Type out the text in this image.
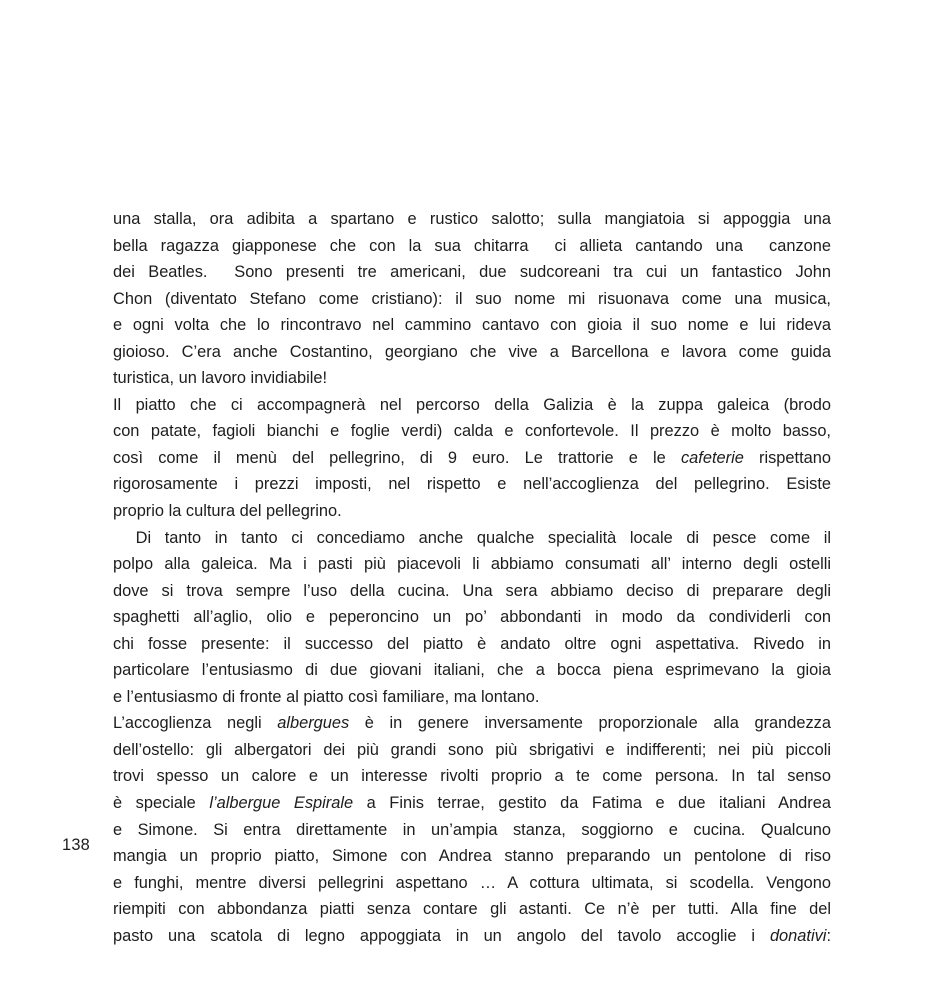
138
una stalla, ora adibita a spartano e rustico salotto; sulla mangiatoia si appoggia una
bella ragazza giapponese che con la sua chitarra  ci allieta cantando una  canzone
dei Beatles.  Sono presenti tre americani, due sudcoreani tra cui un fantastico John
Chon (diventato Stefano come cristiano): il suo nome mi risuonava come una musica,
e ogni volta che lo rincontravo nel cammino cantavo con gioia il suo nome e lui rideva
gioioso. C’era anche Costantino, georgiano che vive a Barcellona e lavora come guida
turistica, un lavoro invidiabile!
Il piatto che ci accompagnerà nel percorso della Galizia è la zuppa galeica (brodo
con patate, fagioli bianchi e foglie verdi) calda e confortevole. Il prezzo è molto basso,
così come il menù del pellegrino, di 9 euro. Le trattorie e le cafeterie rispettano
rigorosamente i prezzi imposti, nel rispetto e nell’accoglienza del pellegrino. Esiste
proprio la cultura del pellegrino.
Di tanto in tanto ci concediamo anche qualche specialità locale di pesce come il
polpo alla galeica. Ma i pasti più piacevoli li abbiamo consumati all’ interno degli ostelli
dove si trova sempre l’uso della cucina. Una sera abbiamo deciso di preparare degli
spaghetti all’aglio, olio e peperoncino un po’ abbondanti in modo da condividerli con
chi fosse presente: il successo del piatto è andato oltre ogni aspettativa. Rivedo in
particolare l’entusiasmo di due giovani italiani, che a bocca piena esprimevano la gioia
e l’entusiasmo di fronte al piatto così familiare, ma lontano.
L’accoglienza negli albergues è in genere inversamente proporzionale alla grandezza
dell’ostello: gli albergatori dei più grandi sono più sbrigativi e indifferenti; nei più piccoli
trovi spesso un calore e un interesse rivolti proprio a te come persona. In tal senso
è speciale l’albergue Espirale a Finis terrae, gestito da Fatima e due italiani Andrea
e Simone. Si entra direttamente in un’ampia stanza, soggiorno e cucina. Qualcuno
mangia un proprio piatto, Simone con Andrea stanno preparando un pentolone di riso
e funghi, mentre diversi pellegrini aspettano … A cottura ultimata, si scodella. Vengono
riempiti con abbondanza piatti senza contare gli astanti. Ce n’è per tutti. Alla fine del
pasto una scatola di legno appoggiata in un angolo del tavolo accoglie i donativi:
